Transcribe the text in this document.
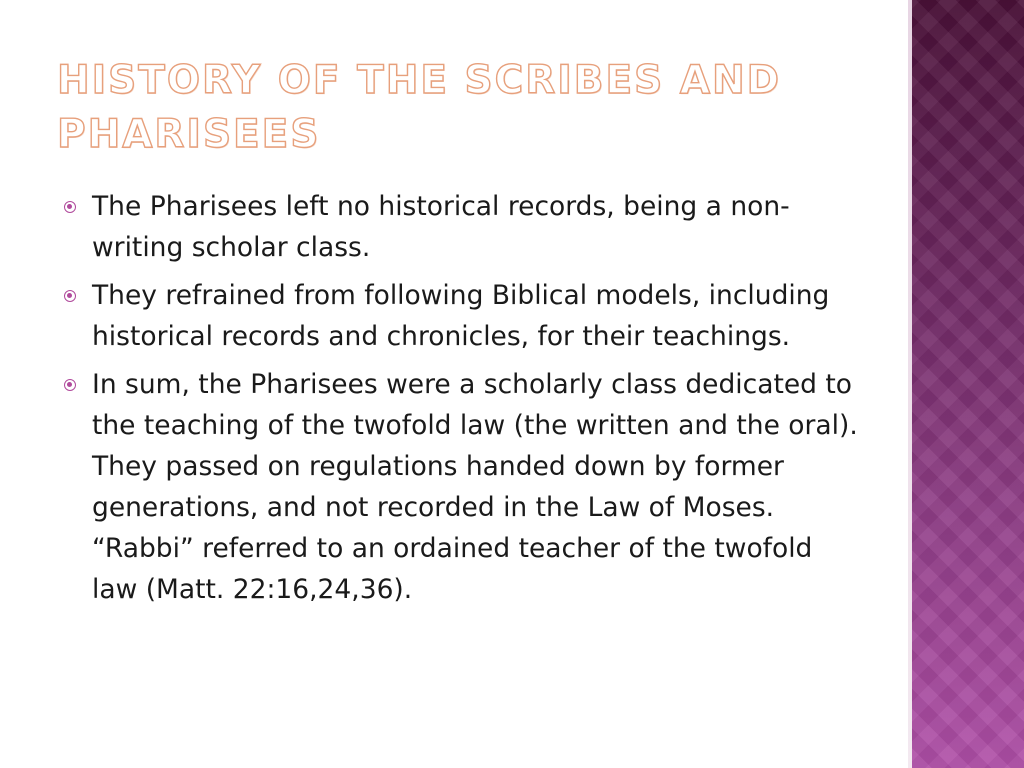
HISTORY OF THE SCRIBES AND PHARISEES
The Pharisees left no historical records, being a non-writing scholar class.
They refrained from following Biblical models, including historical records and chronicles, for their teachings.
In sum, the Pharisees were a scholarly class dedicated to the teaching of the twofold law (the written and the oral). They passed on regulations handed down by former generations, and not recorded in the Law of Moses. “Rabbi” referred to an ordained teacher of the twofold law (Matt. 22:16,24,36).
